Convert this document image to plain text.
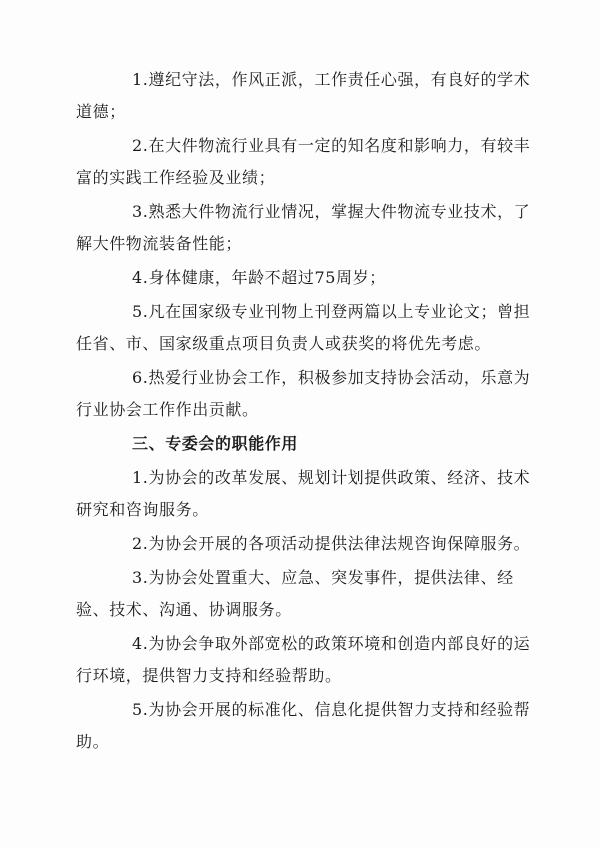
1.遵纪守法，作风正派，工作责任心强，有良好的学术道德；

2.在大件物流行业具有一定的知名度和影响力，有较丰富的实践工作经验及业绩；

3.熟悉大件物流行业情况，掌握大件物流专业技术，了解大件物流装备性能；

4.身体健康，年龄不超过75周岁；

5.凡在国家级专业刊物上刊登两篇以上专业论文；曾担任省、市、国家级重点项目负责人或获奖的将优先考虑。

6.热爱行业协会工作，积极参加支持协会活动，乐意为行业协会工作作出贡献。

三、专委会的职能作用

1.为协会的改革发展、规划计划提供政策、经济、技术研究和咨询服务。

2.为协会开展的各项活动提供法律法规咨询保障服务。

3.为协会处置重大、应急、突发事件，提供法律、经验、技术、沟通、协调服务。

4.为协会争取外部宽松的政策环境和创造内部良好的运行环境，提供智力支持和经验帮助。

5.为协会开展的标准化、信息化提供智力支持和经验帮助。
